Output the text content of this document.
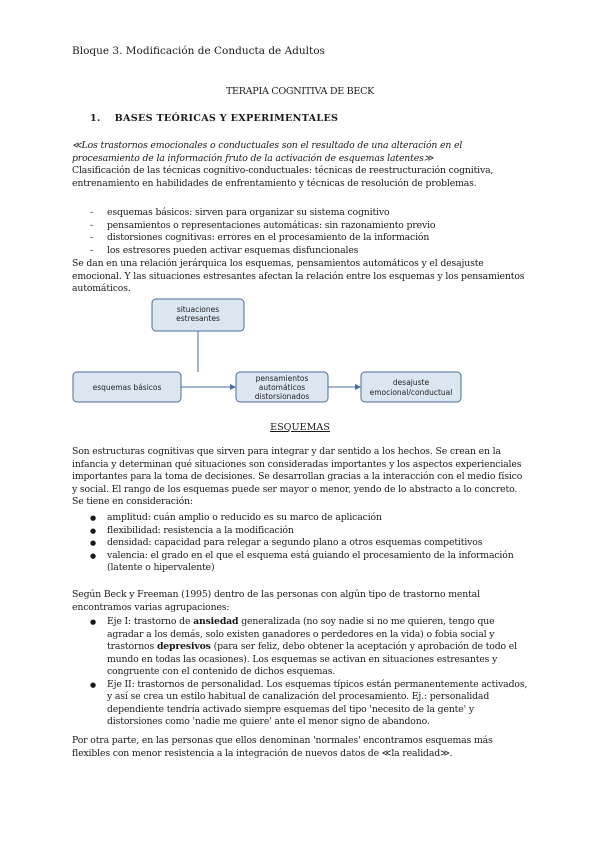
Bloque 3. Modificación de Conducta de Adultos
TERAPIA COGNITIVA DE BECK
1. BASES TEÓRICAS Y EXPERIMENTALES

≪Los trastornos emocionales o conductuales son el resultado de una alteración en el procesamiento de la información fruto de la activación de esquemas latentes≫

Clasificación de las técnicas cognitivo-conductuales: técnicas de reestructuración cognitiva, entrenamiento en habilidades de enfrentamiento y técnicas de resolución de problemas.

- esquemas básicos: sirven para organizar su sistema cognitivo
- pensamientos o representaciones automáticas: sin razonamiento previo
- distorsiones cognitivas: errores en el procesamiento de la información
- los estresores pueden activar esquemas disfuncionales
Se dan en una relación jerárquica los esquemas, pensamientos automáticos y el desajuste emocional. Y las situaciones estresantes afectan la relación entre los esquemas y los pensamientos automáticos.
situaciones
estresantes
esquemas básicos
pensamientos
automáticos
distorsionados
desajuste
emocional/conductual
ESQUEMAS
Son estructuras cognitivas que sirven para integrar y dar sentido a los hechos. Se crean en la infancia y determinan qué situaciones son consideradas importantes y los aspectos experienciales importantes para la toma de decisiones. Se desarrollan gracias a la interacción con el medio físico y social. El rango de los esquemas puede ser mayor o menor, yendo de lo abstracto a lo concreto. Se tiene en consideración:
● amplitud: cuán amplio o reducido es su marco de aplicación
● flexibilidad: resistencia a la modificación
● densidad: capacidad para relegar a segundo plano a otros esquemas competitivos
● valencia: el grado en el que el esquema está guiando el procesamiento de la información (latente o hipervalente)
Según Beck y Freeman (1995) dentro de las personas con algún tipo de trastorno mental encontramos varias agrupaciones:
● Eje I: trastorno de ansiedad generalizada (no soy nadie si no me quieren, tengo que agradar a los demás, solo existen ganadores o perdedores en la vida) o fobia social y trastornos depresivos (para ser feliz, debo obtener la aceptación y aprobación de todo el mundo en todas las ocasiones). Los esquemas se activan en situaciones estresantes y congruente con el contenido de dichos esquemas.
● Eje II: trastornos de personalidad. Los esquemas típicos están permanentemente activados, y así se crea un estilo habitual de canalización del procesamiento. Ej.: personalidad dependiente tendría activado siempre esquemas del tipo 'necesito de la gente' y distorsiones como 'nadie me quiere' ante el menor signo de abandono.
Por otra parte, en las personas que ellos denominan 'normales' encontramos esquemas más flexibles con menor resistencia a la integración de nuevos datos de ≪la realidad≫.
